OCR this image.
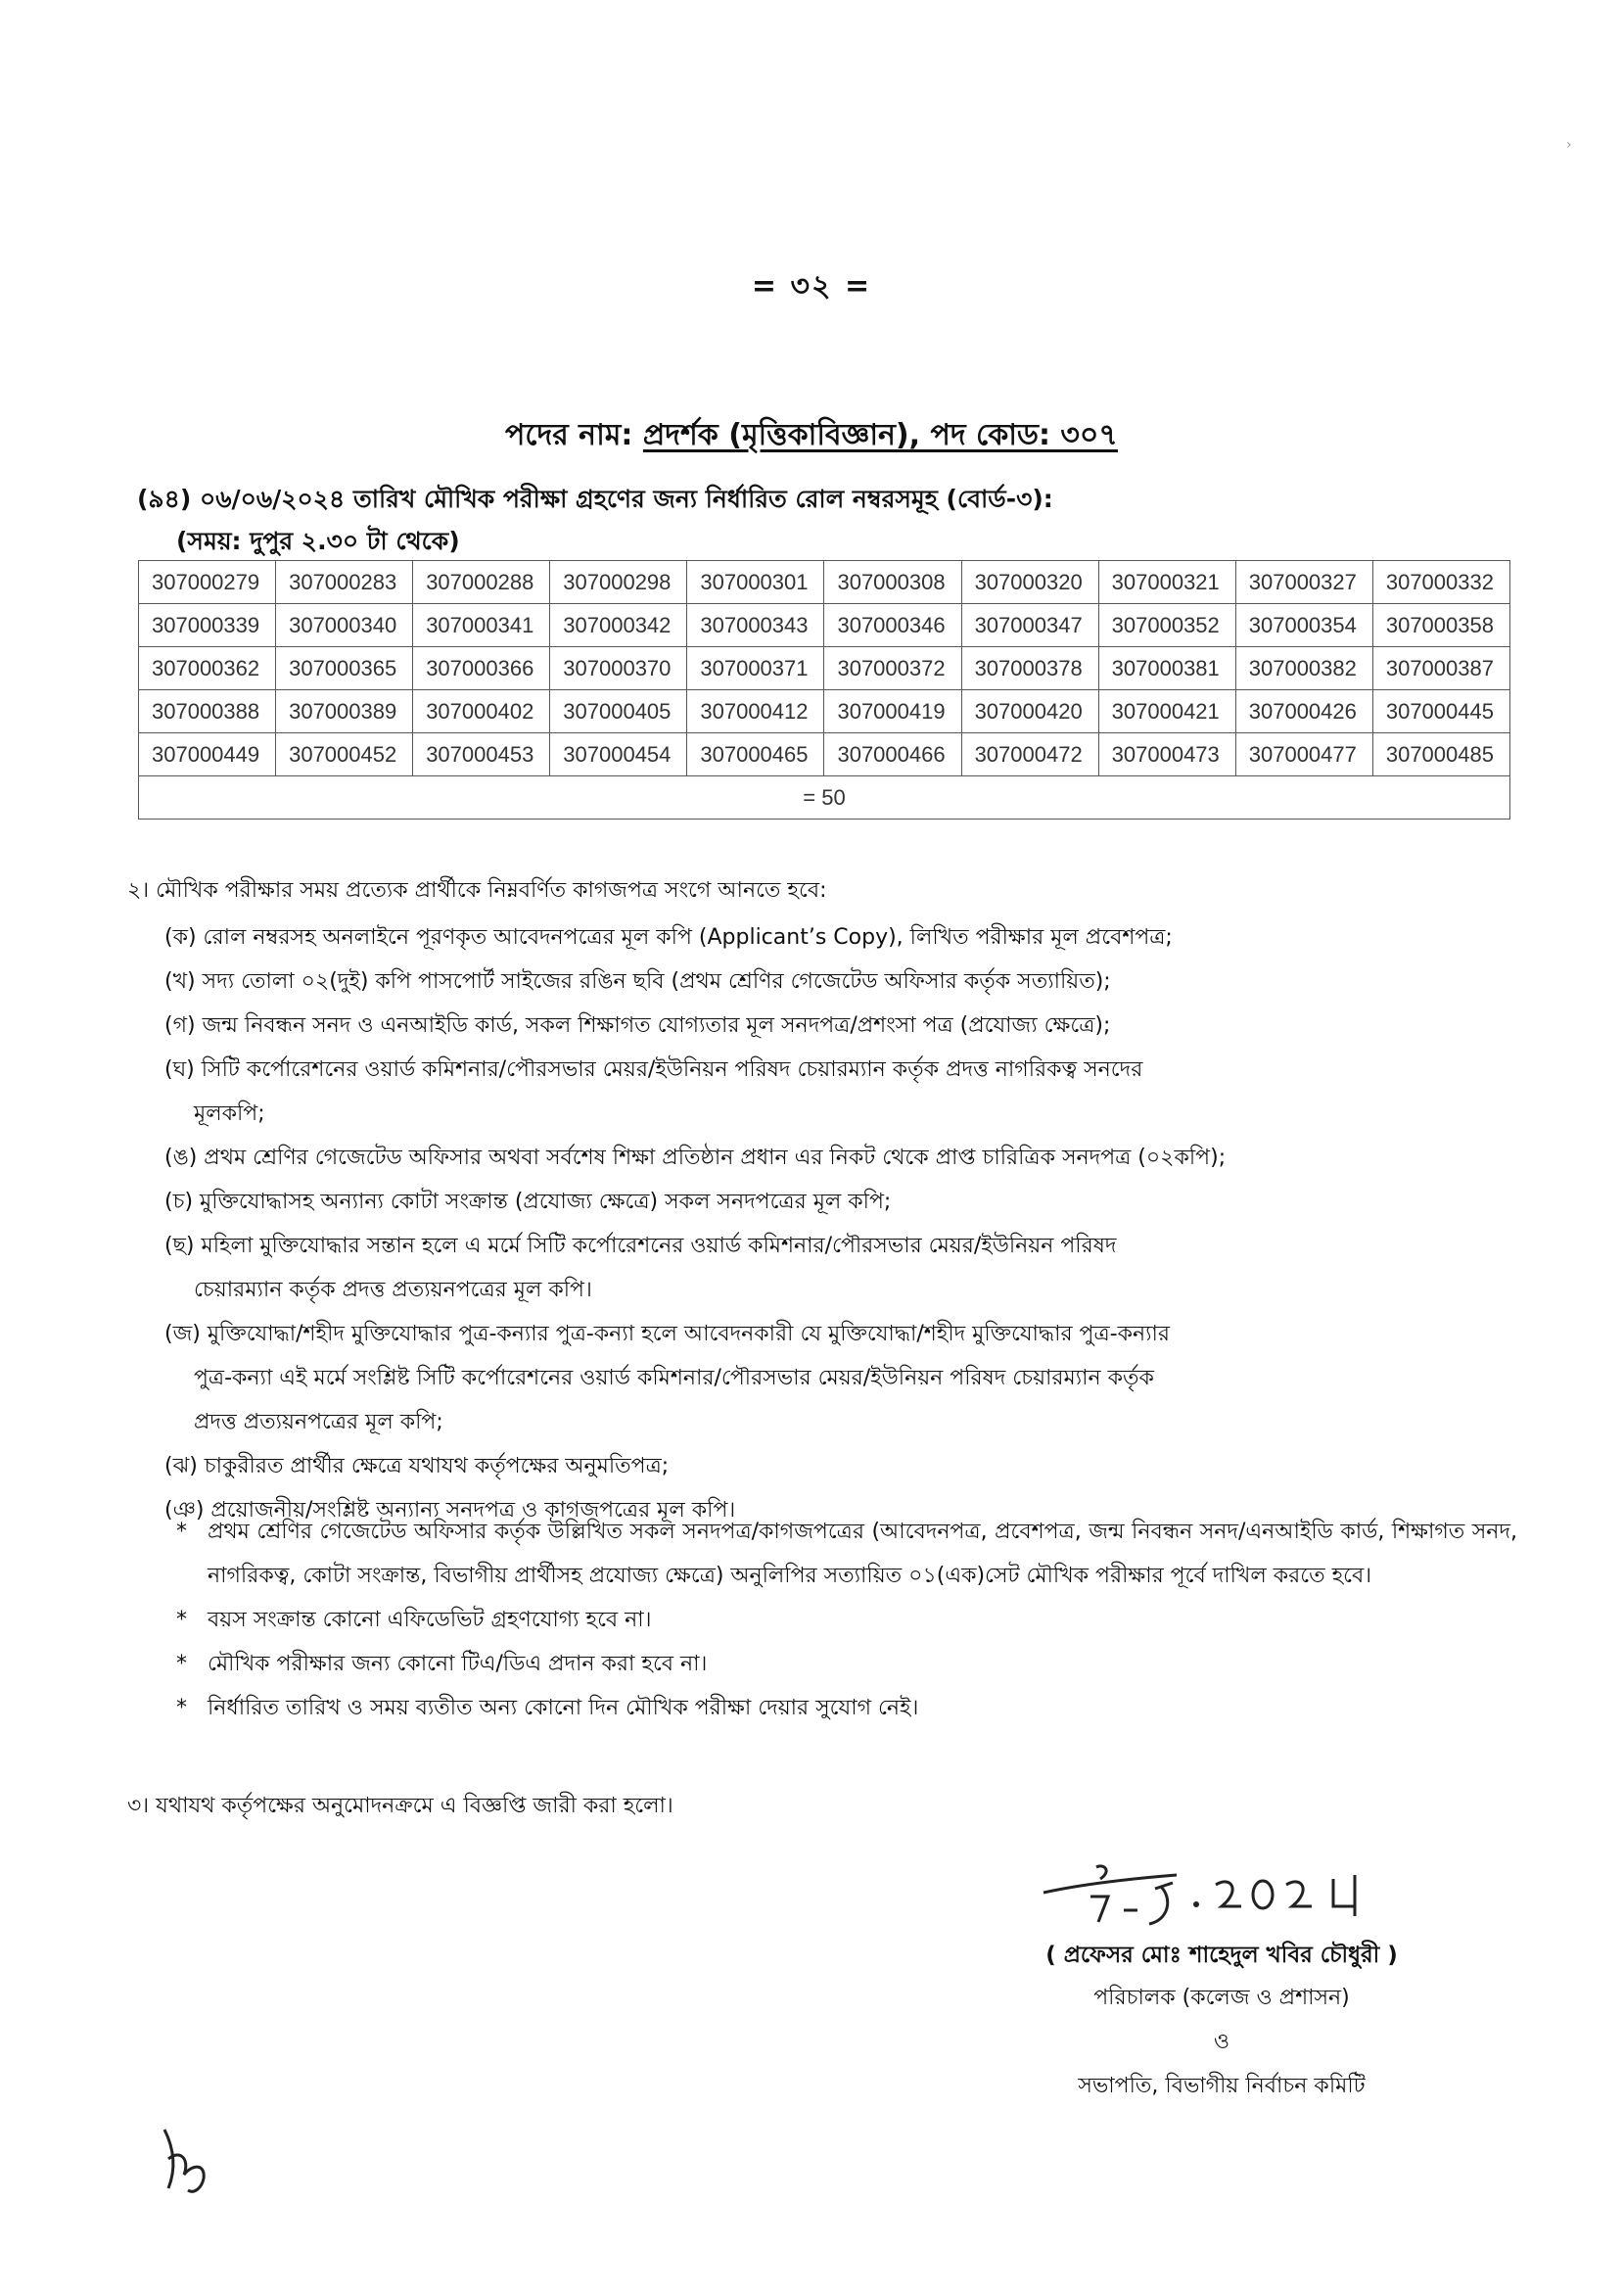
›
= ৩২ =
পদের নাম: প্রদর্শক (মৃত্তিকাবিজ্ঞান), পদ কোড: ৩০৭
(৯৪) ০৬/০৬/২০২৪ তারিখ মৌখিক পরীক্ষা গ্রহণের জন্য নির্ধারিত রোল নম্বরসমূহ (বোর্ড-৩):
(সময়: দুপুর ২.৩০ টা থেকে)
307000279	307000283	307000288	307000298	307000301	307000308	307000320	307000321	307000327	307000332
307000339	307000340	307000341	307000342	307000343	307000346	307000347	307000352	307000354	307000358
307000362	307000365	307000366	307000370	307000371	307000372	307000378	307000381	307000382	307000387
307000388	307000389	307000402	307000405	307000412	307000419	307000420	307000421	307000426	307000445
307000449	307000452	307000453	307000454	307000465	307000466	307000472	307000473	307000477	307000485
= 50									
২। মৌখিক পরীক্ষার সময় প্রত্যেক প্রার্থীকে নিম্নবর্ণিত কাগজপত্র সংগে আনতে হবে:
(ক) রোল নম্বরসহ অনলাইনে পূরণকৃত আবেদনপত্রের মূল কপি (Applicant’s Copy), লিখিত পরীক্ষার মূল প্রবেশপত্র;
(খ) সদ্য তোলা ০২(দুই) কপি পাসপোর্ট সাইজের রঙিন ছবি (প্রথম শ্রেণির গেজেটেড অফিসার কর্তৃক সত্যায়িত);
(গ) জন্ম নিবন্ধন সনদ ও এনআইডি কার্ড, সকল শিক্ষাগত যোগ্যতার মূল সনদপত্র/প্রশংসা পত্র (প্রযোজ্য ক্ষেত্রে);
(ঘ) সিটি কর্পোরেশনের ওয়ার্ড কমিশনার/পৌরসভার মেয়র/ইউনিয়ন পরিষদ চেয়ারম্যান কর্তৃক প্রদত্ত নাগরিকত্ব সনদের
মূলকপি;
(ঙ) প্রথম শ্রেণির গেজেটেড অফিসার অথবা সর্বশেষ শিক্ষা প্রতিষ্ঠান প্রধান এর নিকট থেকে প্রাপ্ত চারিত্রিক সনদপত্র (০২কপি);
(চ) মুক্তিযোদ্ধাসহ অন্যান্য কোটা সংক্রান্ত (প্রযোজ্য ক্ষেত্রে) সকল সনদপত্রের মূল কপি;
(ছ) মহিলা মুক্তিযোদ্ধার সন্তান হলে এ মর্মে সিটি কর্পোরেশনের ওয়ার্ড কমিশনার/পৌরসভার মেয়র/ইউনিয়ন পরিষদ
চেয়ারম্যান কর্তৃক প্রদত্ত প্রত্যয়নপত্রের মূল কপি।
(জ) মুক্তিযোদ্ধা/শহীদ মুক্তিযোদ্ধার পুত্র-কন্যার পুত্র-কন্যা হলে আবেদনকারী যে মুক্তিযোদ্ধা/শহীদ মুক্তিযোদ্ধার পুত্র-কন্যার
পুত্র-কন্যা এই মর্মে সংশ্লিষ্ট সিটি কর্পোরেশনের ওয়ার্ড কমিশনার/পৌরসভার মেয়র/ইউনিয়ন পরিষদ চেয়ারম্যান কর্তৃক
প্রদত্ত প্রত্যয়নপত্রের মূল কপি;
(ঝ) চাকুরীরত প্রার্থীর ক্ষেত্রে যথাযথ কর্তৃপক্ষের অনুমতিপত্র;
(ঞ) প্রয়োজনীয়/সংশ্লিষ্ট অন্যান্য সনদপত্র ও কাগজপত্রের মূল কপি।
* প্রথম শ্রেণির গেজেটেড অফিসার কর্তৃক উল্লিখিত সকল সনদপত্র/কাগজপত্রের (আবেদনপত্র, প্রবেশপত্র, জন্ম নিবন্ধন সনদ/এনআইডি কার্ড, শিক্ষাগত সনদ, নাগরিকত্ব, কোটা সংক্রান্ত, বিভাগীয় প্রার্থীসহ প্রযোজ্য ক্ষেত্রে) অনুলিপির সত্যায়িত ০১(এক)সেট মৌখিক পরীক্ষার পূর্বে দাখিল করতে হবে।
* বয়স সংক্রান্ত কোনো এফিডেভিট গ্রহণযোগ্য হবে না।
* মৌখিক পরীক্ষার জন্য কোনো টিএ/ডিএ প্রদান করা হবে না।
* নির্ধারিত তারিখ ও সময় ব্যতীত অন্য কোনো দিন মৌখিক পরীক্ষা দেয়ার সুযোগ নেই।
৩। যথাযথ কর্তৃপক্ষের অনুমোদনক্রমে এ বিজ্ঞপ্তি জারী করা হলো।
( প্রফেসর মোঃ শাহেদুল খবির চৌধুরী )
পরিচালক (কলেজ ও প্রশাসন)
ও
সভাপতি, বিভাগীয় নির্বাচন কমিটি
